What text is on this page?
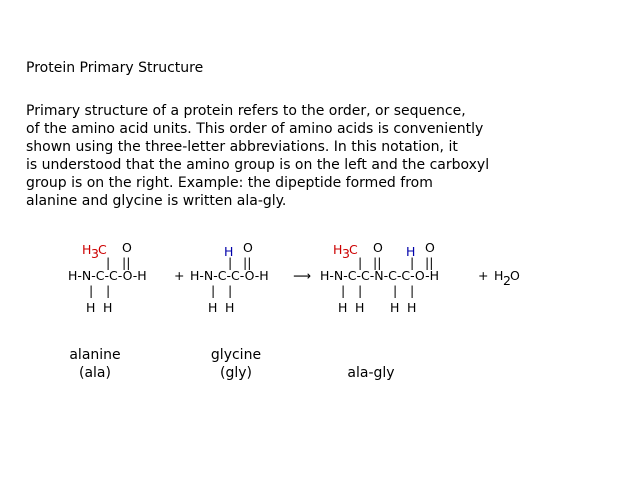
Protein Primary Structure
Primary structure of a protein refers to the order, or sequence,
of the amino acid units. This order of amino acids is conveniently
shown using the three-letter abbreviations. In this notation, it
is understood that the amino group is on the left and the carboxyl
group is on the right. Example: the dipeptide formed from
alanine and glycine is written ala-gly.
H 3 C O
| ||
H-N-C-C-O-H
| |
H H
+
H O
| ||
H-N-C-C-O-H
| |
H H
⟶
H 3 C O H O
| || | ||
H-N-C-C-N-C-C-O-H
| | | |
H H H H
+ H 2 O
alanine
(ala)
glycine
(gly)	ala-gly
